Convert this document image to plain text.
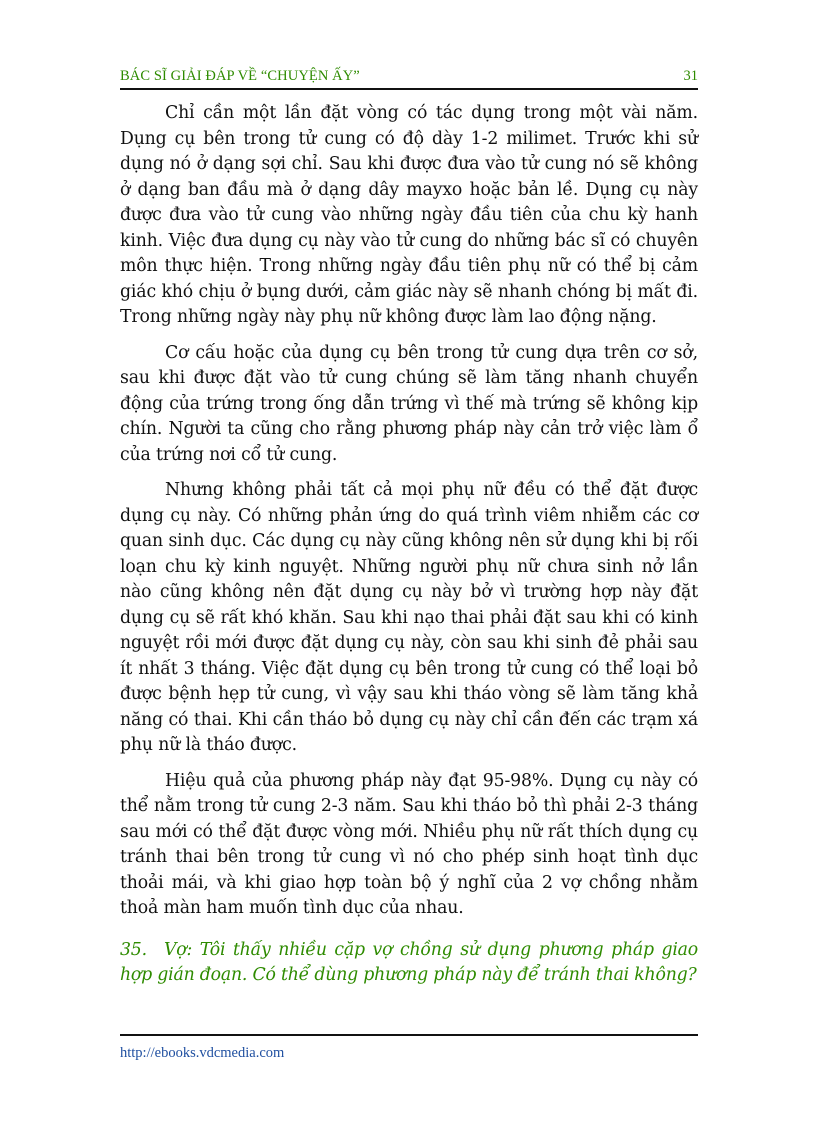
BÁC SĨ GIẢI ĐÁP VỀ “CHUYỆN ẤY”	31

Chỉ cần một lần đặt vòng có tác dụng trong một vài năm. Dụng cụ bên trong tử cung có độ dày 1-2 milimet. Trước khi sử dụng nó ở dạng sợi chỉ. Sau khi được đưa vào tử cung nó sẽ không ở dạng ban đầu mà ở dạng dây mayxo hoặc bản lề. Dụng cụ này được đưa vào tử cung vào những ngày đầu tiên của chu kỳ hanh kinh. Việc đưa dụng cụ này vào tử cung do những bác sĩ có chuyên môn thực hiện. Trong những ngày đầu tiên phụ nữ có thể bị cảm giác khó chịu ở bụng dưới, cảm giác này sẽ nhanh chóng bị mất đi. Trong những ngày này phụ nữ không được làm lao động nặng.

Cơ cấu hoặc của dụng cụ bên trong tử cung dựa trên cơ sở, sau khi được đặt vào tử cung chúng sẽ làm tăng nhanh chuyển động của trứng trong ống dẫn trứng vì thế mà trứng sẽ không kịp chín. Người ta cũng cho rằng phương pháp này cản trở việc làm ổ của trứng nơi cổ tử cung.

Nhưng không phải tất cả mọi phụ nữ đều có thể đặt được dụng cụ này. Có những phản ứng do quá trình viêm nhiễm các cơ quan sinh dục. Các dụng cụ này cũng không nên sử dụng khi bị rối loạn chu kỳ kinh nguyệt. Những người phụ nữ chưa sinh nở lần nào cũng không nên đặt dụng cụ này bở vì trường hợp này đặt dụng cụ sẽ rất khó khăn. Sau khi nạo thai phải đặt sau khi có kinh nguyệt rồi mới được đặt dụng cụ này, còn sau khi sinh đẻ phải sau ít nhất 3 tháng. Việc đặt dụng cụ bên trong tử cung có thể loại bỏ được bệnh hẹp tử cung, vì vậy sau khi tháo vòng sẽ làm tăng khả năng có thai. Khi cần tháo bỏ dụng cụ này chỉ cần đến các trạm xá phụ nữ là tháo được.

Hiệu quả của phương pháp này đạt 95-98%. Dụng cụ này có thể nằm trong tử cung 2-3 năm. Sau khi tháo bỏ thì phải 2-3 tháng sau mới có thể đặt được vòng mới. Nhiều phụ nữ rất thích dụng cụ tránh thai bên trong tử cung vì nó cho phép sinh hoạt tình dục thoải mái, và khi giao hợp toàn bộ ý nghĩ của 2 vợ chồng nhằm thoả màn ham muốn tình dục của nhau.

35. Vợ: Tôi thấy nhiều cặp vợ chồng sử dụng phương pháp giao hợp gián đoạn. Có thể dùng phương pháp này để tránh thai không?

http://ebooks.vdcmedia.com
